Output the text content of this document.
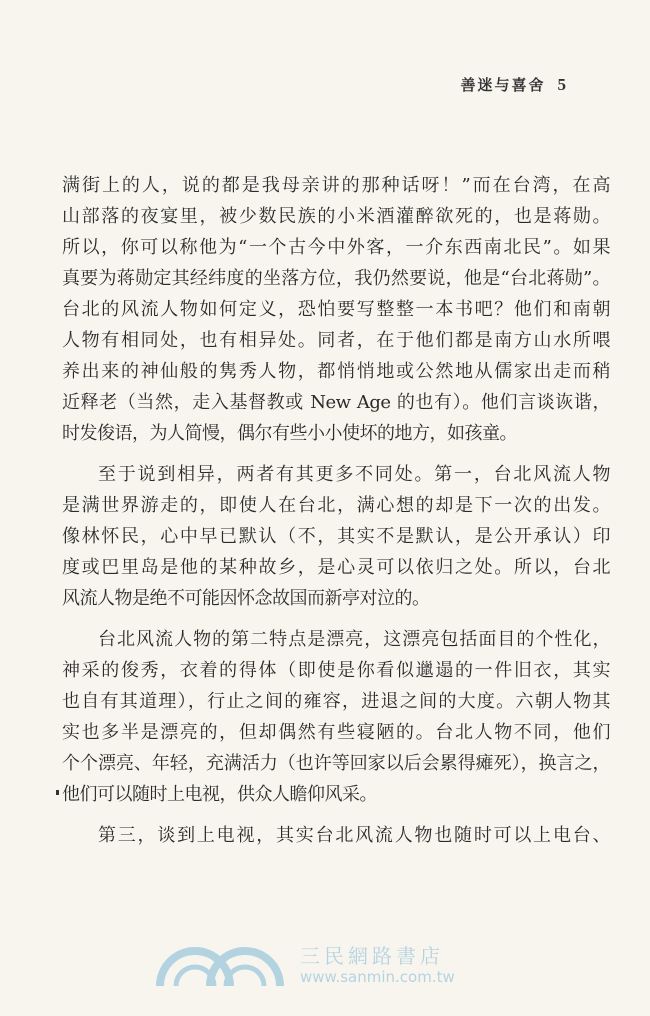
善迷与喜舍 5
满街上的人，说的都是我母亲讲的那种话呀！”而在台湾，在高
山部落的夜宴里，被少数民族的小米酒灌醉欲死的，也是蒋勋。
所以，你可以称他为“一个古今中外客，一介东西南北民”。如果
真要为蒋勋定其经纬度的坐落方位，我仍然要说，他是“台北蒋勋”。
台北的风流人物如何定义，恐怕要写整整一本书吧？他们和南朝
人物有相同处，也有相异处。同者，在于他们都是南方山水所喂
养出来的神仙般的隽秀人物，都悄悄地或公然地从儒家出走而稍
近释老（当然，走入基督教或 New Age 的也有）。他们言谈诙谐，
时发俊语，为人简慢，偶尔有些小小使坏的地方，如孩童。
至于说到相异，两者有其更多不同处。第一，台北风流人物
是满世界游走的，即使人在台北，满心想的却是下一次的出发。
像林怀民，心中早已默认（不，其实不是默认，是公开承认）印
度或巴里岛是他的某种故乡，是心灵可以依归之处。所以，台北
风流人物是绝不可能因怀念故国而新亭对泣的。
台北风流人物的第二特点是漂亮，这漂亮包括面目的个性化，
神采的俊秀，衣着的得体（即使是你看似邋遢的一件旧衣，其实
也自有其道理），行止之间的雍容，进退之间的大度。六朝人物其
实也多半是漂亮的，但却偶然有些寝陋的。台北人物不同，他们
个个漂亮、年轻，充满活力（也许等回家以后会累得瘫死），换言之，
他们可以随时上电视，供众人瞻仰风采。
第三，谈到上电视，其实台北风流人物也随时可以上电台、
三民網路書店
www.sanmin.com.tw
